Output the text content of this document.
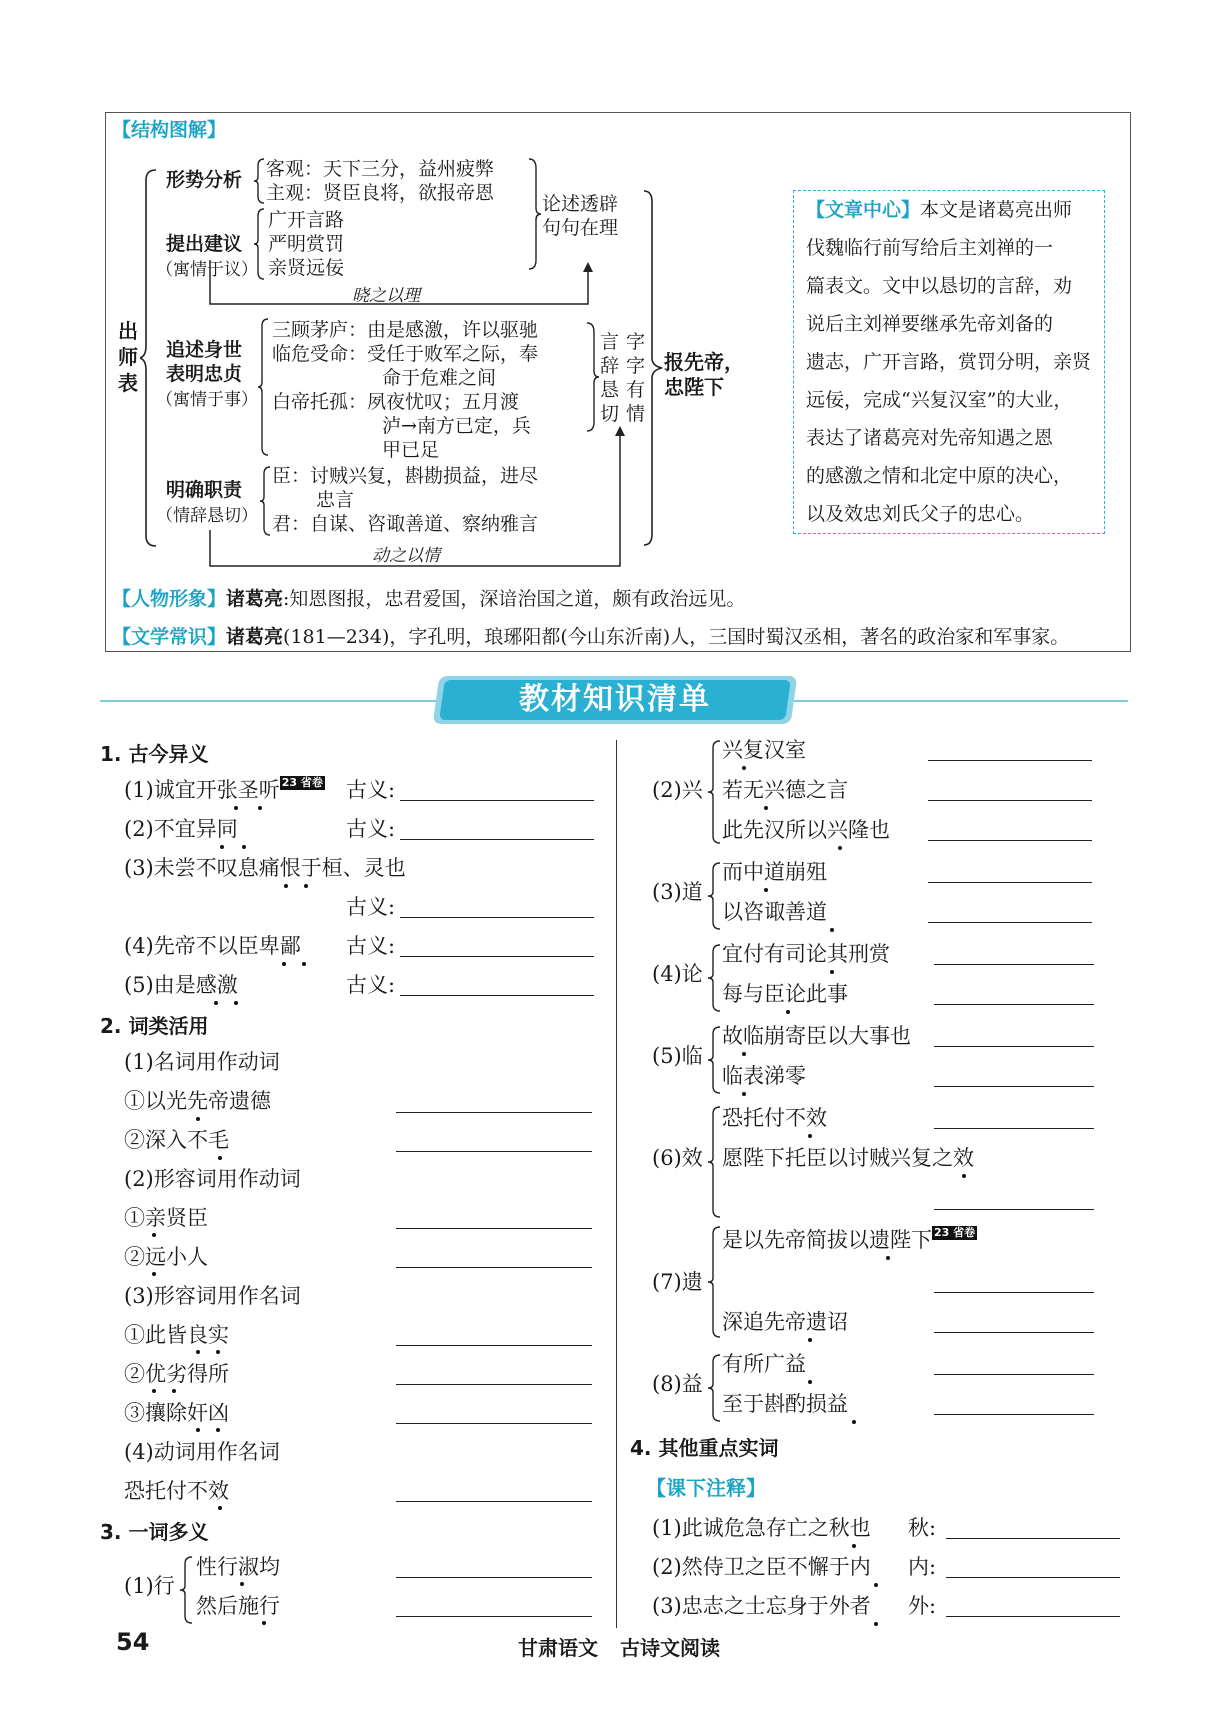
【结构图解】
出师表
形势分析 客观：天下三分，益州疲弊
主观：贤臣良将，欲报帝恩
提出建议
（寓情于议）
广开言路
严明赏罚
亲贤远佞
论述透辟
句句在理
晓之以理
追述身世
表明忠贞
（寓情于事）
三顾茅庐：由是感激，许以驱驰
临危受命：受任于败军之际，奉
命于危难之间
白帝托孤：夙夜忧叹；五月渡
泸→南方已定，兵
甲已足
言
辞
恳
切
字
字
有
情
报先帝，
忠陛下
明确职责
（情辞恳切）
臣：讨贼兴复，斟勘损益，进尽
忠言
君：自谋、咨诹善道、察纳雅言
动之以情
【文章中心】本文是诸葛亮出师
伐魏临行前写给后主刘禅的一
篇表文。文中以恳切的言辞，劝
说后主刘禅要继承先帝刘备的
遗志，广开言路，赏罚分明，亲贤
远佞，完成“兴复汉室”的大业，
表达了诸葛亮对先帝知遇之恩
的感激之情和北定中原的决心，
以及效忠刘氏父子的忠心。
【人物形象】诸葛亮:知恩图报，忠君爱国，深谙治国之道，颇有政治远见。
【文学常识】诸葛亮(181—234)，字孔明，琅琊阳都(今山东沂南)人，三国时蜀汉丞相，著名的政治家和军事家。
教材知识清单
1. 古今异义
(1)诚宜开张圣听 23 省卷 古义:
(2)不宜异同	古义:
(3)未尝不叹息痛恨于桓、灵也
古义:
(4)先帝不以臣卑鄙 古义:
(5)由是感激	古义:
2. 词类活用
(1)名词用作动词
①以光先帝遗德
②深入不毛
(2)形容词用作动词
①亲贤臣
②远小人
(3)形容词用作名词
①此皆良实
②优劣得所
③攘除奸凶
(4)动词用作名词
恐托付不效
3. 一词多义
(1)行
性行淑均
然后施行
(2)兴
兴复汉室
若无兴德之言
此先汉所以兴隆也
(3)道
而中道崩殂
以咨诹善道
(4)论
宜付有司论其刑赏
每与臣论此事
(5)临
故临崩寄臣以大事也
临表涕零
(6)效
恐托付不效
愿陛下托臣以讨贼兴复之效
(7)遗
是以先帝简拔以遗陛下 23 省卷
深追先帝遗诏
(8)益
有所广益
至于斟酌损益
4. 其他重点实词
【课下注释】
(1)此诚危急存亡之秋也 秋:
(2)然侍卫之臣不懈于内 内:
(3)忠志之士忘身于外者 外:
54	甘肃语文 古诗文阅读
